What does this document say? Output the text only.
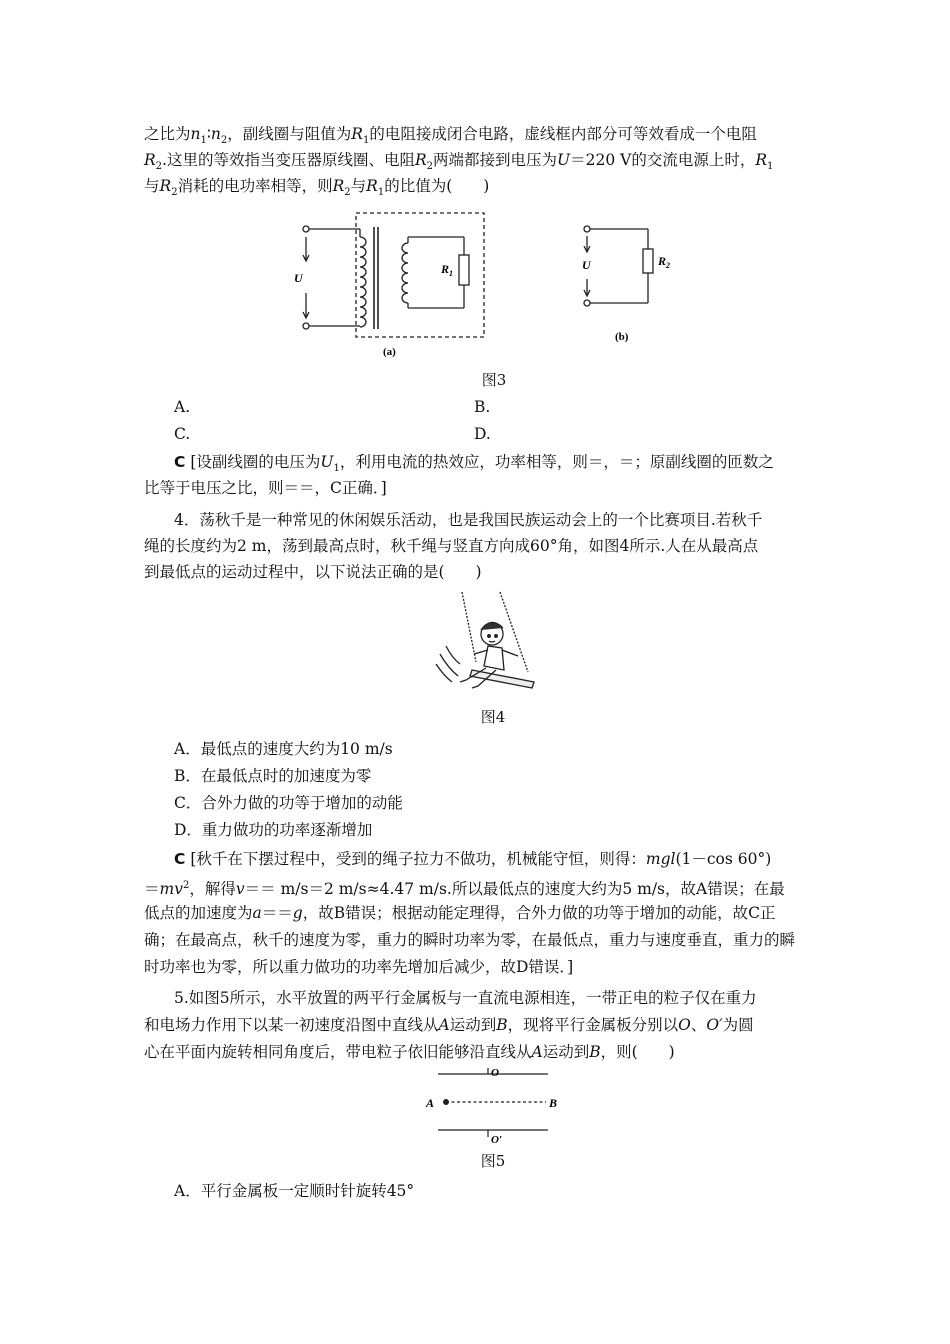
之比为$n_1∶n_2$，副线圈与阻值为$R_1$的电阻接成闭合电路，虚线框内部分可等效看成一个电阻
$R_2$.这里的等效指当变压器原线圈、电阻$R_2$两端都接到电压为U＝220 V的交流电源上时，$R_1$
与$R_2$消耗的电功率相等，则$R_2$与$R_1$的比值为(　　)
U
$R_1$
(a)
U	$R_2$
(b)
图3
A.	B.
C.	D.
C [设副线圈的电压为$U_1$，利用电流的热效应，功率相等，则＝，＝；原副线圈的匝数之
比等于电压之比，则＝＝，C正确．]
4．荡秋千是一种常见的休闲娱乐活动，也是我国民族运动会上的一个比赛项目.若秋千
绳的长度约为2 m，荡到最高点时，秋千绳与竖直方向成60°角，如图4所示.人在从最高点
到最低点的运动过程中，以下说法正确的是(　　)
图4
A．最低点的速度大约为10 m/s
B．在最低点时的加速度为零
C．合外力做的功等于增加的动能
D．重力做功的功率逐渐增加
C [秋千在下摆过程中，受到的绳子拉力不做功，机械能守恒，则得：mgl(1－cos 60°)
$=mv^2$，解得v＝＝ m/s＝2 m/s≈4.47 m/s.所以最低点的速度大约为5 m/s，故A错误；在最
低点的加速度为a＝＝g，故B错误；根据动能定理得，合外力做的功等于增加的动能，故C正
确；在最高点，秋千的速度为零，重力的瞬时功率为零，在最低点，重力与速度垂直，重力的瞬
时功率也为零，所以重力做功的功率先增加后减少，故D错误．]
5.如图5所示，水平放置的两平行金属板与一直流电源相连，一带正电的粒子仅在重力
和电场力作用下以某一初速度沿图中直线从A运动到B，现将平行金属板分别以O、O′为圆
心在平面内旋转相同角度后，带电粒子依旧能够沿直线从A运动到B，则(　　)
O
O′
A	B
图5
A．平行金属板一定顺时针旋转45°
